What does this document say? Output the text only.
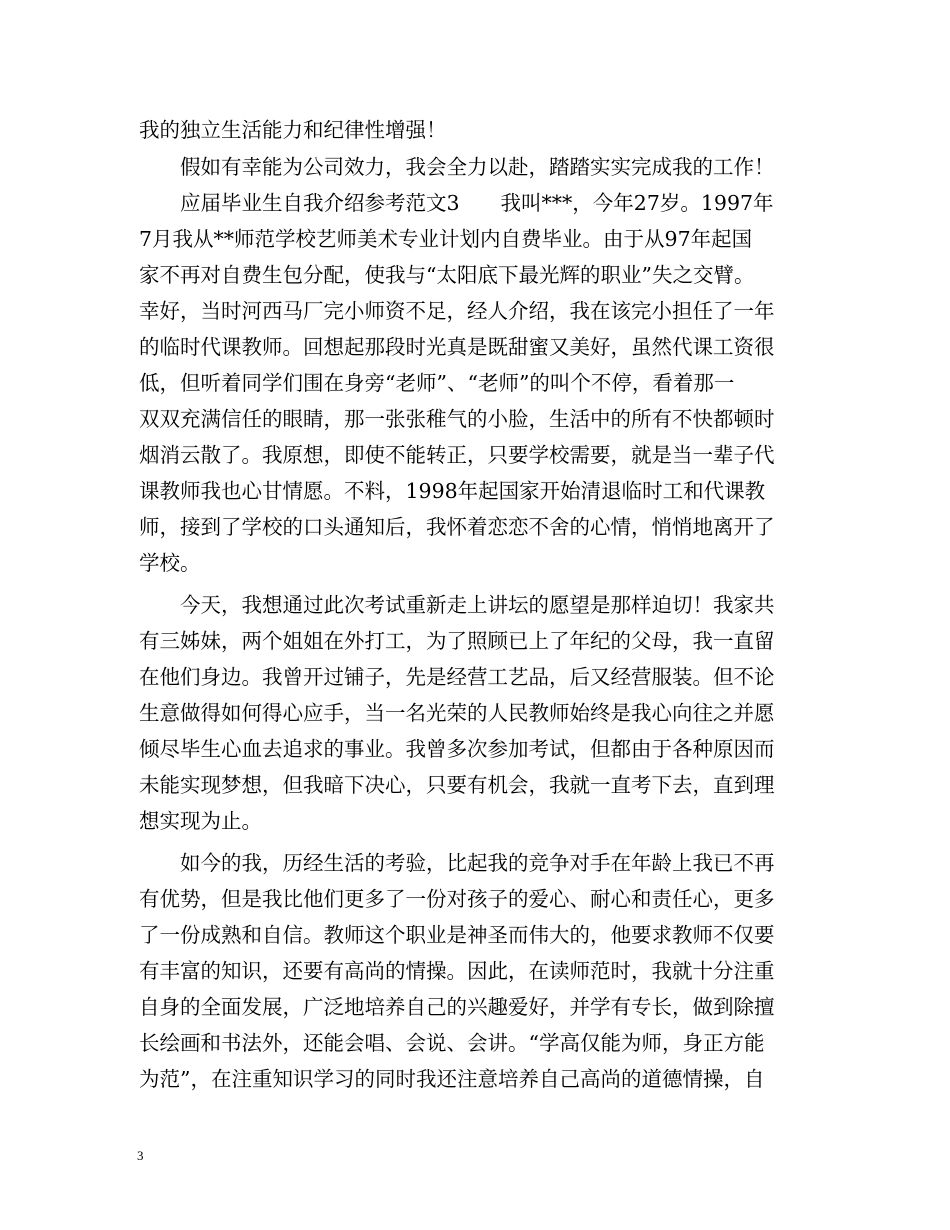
我的独立生活能力和纪律性增强！
假如有幸能为公司效力，我会全力以赴，踏踏实实完成我的工作！
应届毕业生自我介绍参考范文3　　我叫***，今年27岁。1997年
7月我从**师范学校艺师美术专业计划内自费毕业。由于从97年起国
家不再对自费生包分配，使我与“太阳底下最光辉的职业”失之交臂。
幸好，当时河西马厂完小师资不足，经人介绍，我在该完小担任了一年
的临时代课教师。回想起那段时光真是既甜蜜又美好，虽然代课工资很
低，但听着同学们围在身旁“老师”、“老师”的叫个不停，看着那一
双双充满信任的眼睛，那一张张稚气的小脸，生活中的所有不快都顿时
烟消云散了。我原想，即使不能转正，只要学校需要，就是当一辈子代
课教师我也心甘情愿。不料，1998年起国家开始清退临时工和代课教
师，接到了学校的口头通知后，我怀着恋恋不舍的心情，悄悄地离开了
学校。
今天，我想通过此次考试重新走上讲坛的愿望是那样迫切！我家共
有三姊妹，两个姐姐在外打工，为了照顾已上了年纪的父母，我一直留
在他们身边。我曾开过铺子，先是经营工艺品，后又经营服装。但不论
生意做得如何得心应手，当一名光荣的人民教师始终是我心向往之并愿
倾尽毕生心血去追求的事业。我曾多次参加考试，但都由于各种原因而
未能实现梦想，但我暗下决心，只要有机会，我就一直考下去，直到理
想实现为止。
如今的我，历经生活的考验，比起我的竞争对手在年龄上我已不再
有优势，但是我比他们更多了一份对孩子的爱心、耐心和责任心，更多
了一份成熟和自信。教师这个职业是神圣而伟大的，他要求教师不仅要
有丰富的知识，还要有高尚的情操。因此，在读师范时，我就十分注重
自身的全面发展，广泛地培养自己的兴趣爱好，并学有专长，做到除擅
长绘画和书法外，还能会唱、会说、会讲。“学高仅能为师，身正方能
为范”，在注重知识学习的同时我还注意培养自己高尚的道德情操，自
3
